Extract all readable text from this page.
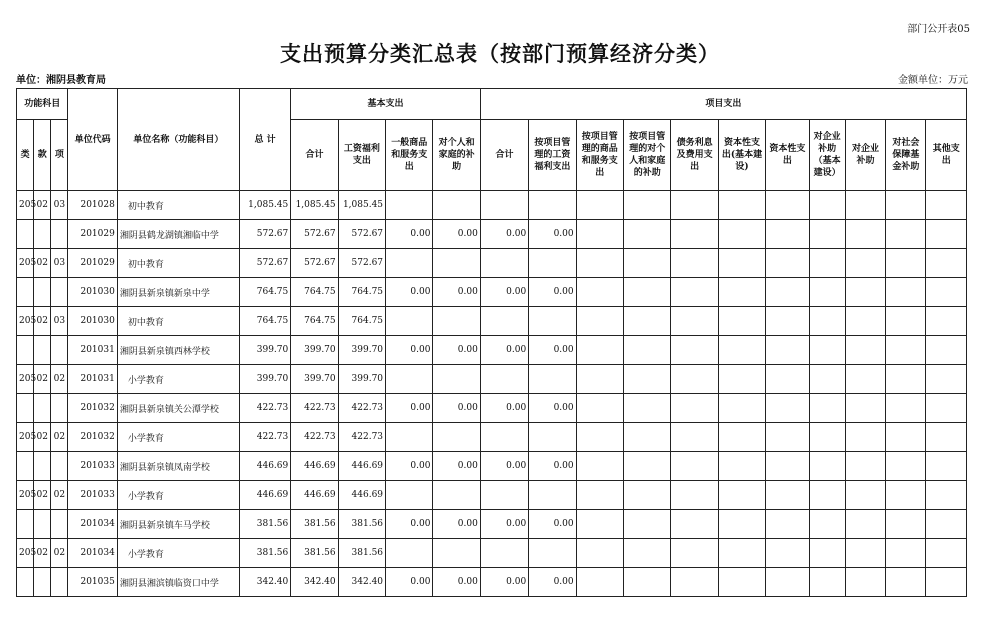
部门公开表05
支出预算分类汇总表（按部门预算经济分类）
单位：湘阴县教育局	金额单位：万元
功能科目			单位代码	单位名称（功能科目）	总 计	基本支出				项目支出										
类	款	项				合计	工资福利支出	一般商品和服务支出	对个人和家庭的补助	合计	按项目管理的工资福利支出	按项目管理的商品和服务支出	按项目管理的对个人和家庭的补助	债务利息及费用支出	资本性支出(基本建设)	资本性支出	对企业补助（基本建设）	对企业补助	对社会保障基金补助	其他支出
205	02	03	201028	初中教育	1,085.45	1,085.45	1,085.45													
			201029	湘阴县鹤龙湖镇湘临中学	572.67	572.67	572.67	0.00	0.00	0.00	0.00									
205	02	03	201029	初中教育	572.67	572.67	572.67													
			201030	湘阴县新泉镇新泉中学	764.75	764.75	764.75	0.00	0.00	0.00	0.00									
205	02	03	201030	初中教育	764.75	764.75	764.75													
			201031	湘阴县新泉镇西林学校	399.70	399.70	399.70	0.00	0.00	0.00	0.00									
205	02	02	201031	小学教育	399.70	399.70	399.70													
			201032	湘阴县新泉镇关公潭学校	422.73	422.73	422.73	0.00	0.00	0.00	0.00									
205	02	02	201032	小学教育	422.73	422.73	422.73													
			201033	湘阴县新泉镇凤南学校	446.69	446.69	446.69	0.00	0.00	0.00	0.00									
205	02	02	201033	小学教育	446.69	446.69	446.69													
			201034	湘阴县新泉镇车马学校	381.56	381.56	381.56	0.00	0.00	0.00	0.00									
205	02	02	201034	小学教育	381.56	381.56	381.56													
			201035	湘阴县湘滨镇临资口中学	342.40	342.40	342.40	0.00	0.00	0.00	0.00									
